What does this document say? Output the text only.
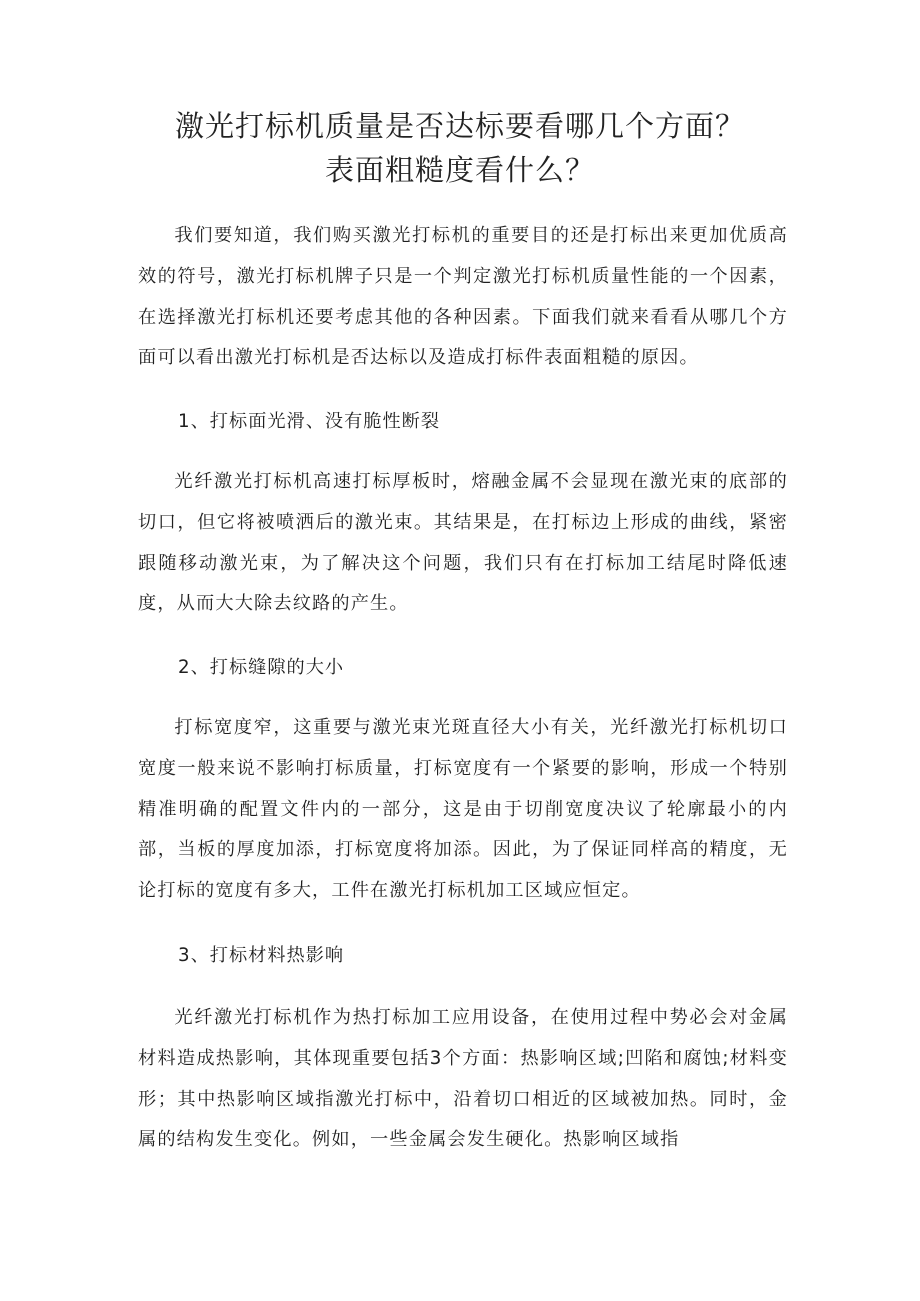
激光打标机质量是否达标要看哪几个方面？
表面粗糙度看什么？

我们要知道，我们购买激光打标机的重要目的还是打标出来更加优质高效的符号，激光打标机牌子只是一个判定激光打标机质量性能的一个因素，在选择激光打标机还要考虑其他的各种因素。下面我们就来看看从哪几个方面可以看出激光打标机是否达标以及造成打标件表面粗糙的原因。

1、打标面光滑、没有脆性断裂

光纤激光打标机高速打标厚板时，熔融金属不会显现在激光束的底部的切口，但它将被喷洒后的激光束。其结果是，在打标边上形成的曲线，紧密跟随移动激光束，为了解决这个问题，我们只有在打标加工结尾时降低速度，从而大大除去纹路的产生。

2、打标缝隙的大小

打标宽度窄，这重要与激光束光斑直径大小有关，光纤激光打标机切口宽度一般来说不影响打标质量，打标宽度有一个紧要的影响，形成一个特别精准明确的配置文件内的一部分，这是由于切削宽度决议了轮廓最小的内部，当板的厚度加添，打标宽度将加添。因此，为了保证同样高的精度，无论打标的宽度有多大，工件在激光打标机加工区域应恒定。

3、打标材料热影响

光纤激光打标机作为热打标加工应用设备，在使用过程中势必会对金属材料造成热影响，其体现重要包括3个方面：热影响区域;凹陷和腐蚀;材料变形；其中热影响区域指激光打标中，沿着切口相近的区域被加热。同时，金属的结构发生变化。例如，一些金属会发生硬化。热影响区域指
